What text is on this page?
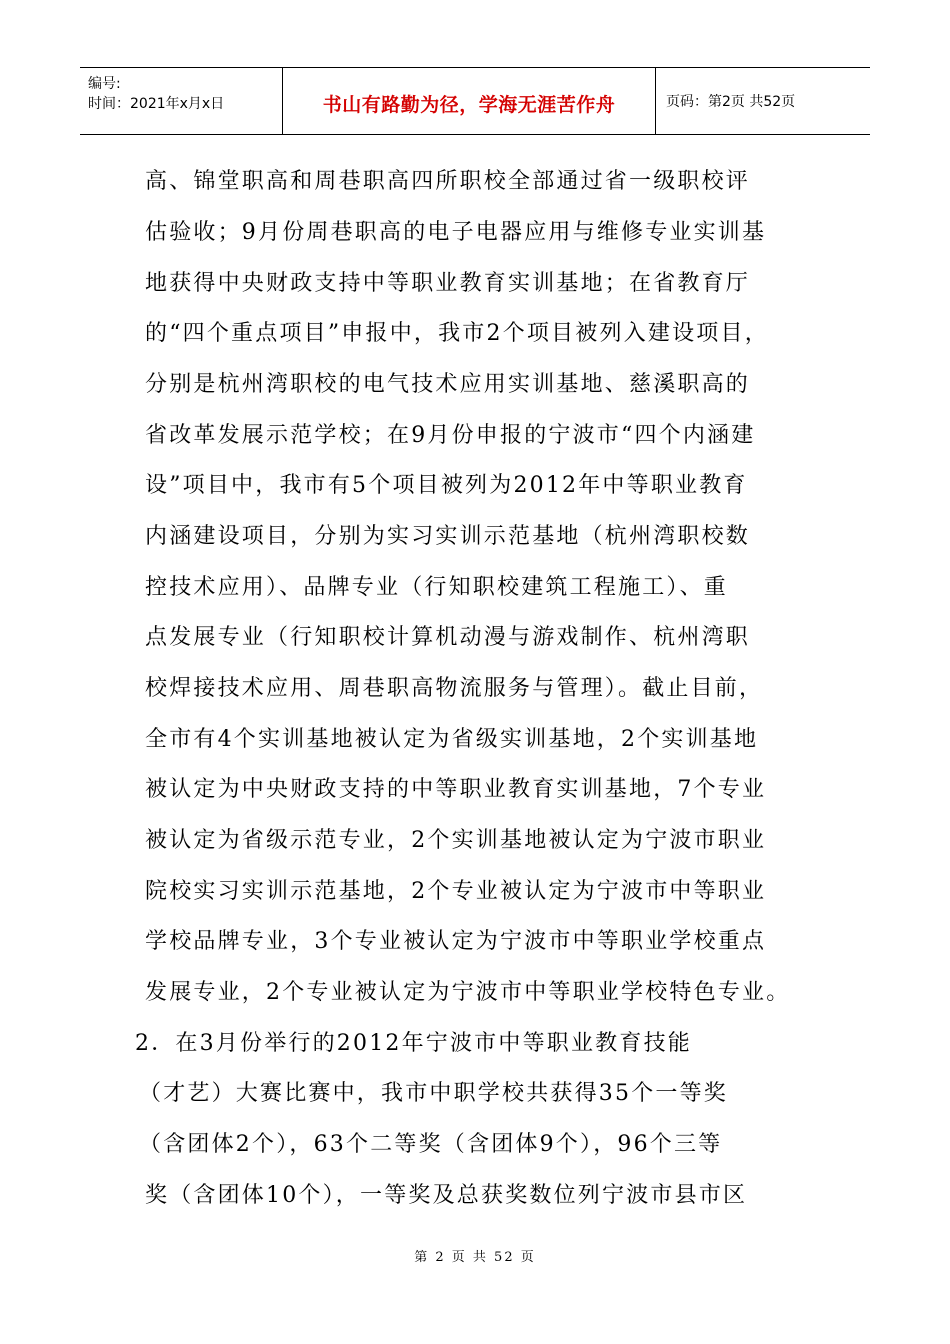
编号:
时间：2021年x月x日	书山有路勤为径，学海无涯苦作舟	页码：第2页 共52页
高、锦堂职高和周巷职高四所职校全部通过省一级职校评
估验收；9月份周巷职高的电子电器应用与维修专业实训基
地获得中央财政支持中等职业教育实训基地；在省教育厅
的“四个重点项目”申报中，我市2个项目被列入建设项目，
分别是杭州湾职校的电气技术应用实训基地、慈溪职高的
省改革发展示范学校；在9月份申报的宁波市“四个内涵建
设”项目中，我市有5个项目被列为2012年中等职业教育
内涵建设项目，分别为实习实训示范基地（杭州湾职校数
控技术应用）、品牌专业（行知职校建筑工程施工）、重
点发展专业（行知职校计算机动漫与游戏制作、杭州湾职
校焊接技术应用、周巷职高物流服务与管理）。截止目前，
全市有4个实训基地被认定为省级实训基地，2个实训基地
被认定为中央财政支持的中等职业教育实训基地，7个专业
被认定为省级示范专业，2个实训基地被认定为宁波市职业
院校实习实训示范基地，2个专业被认定为宁波市中等职业
学校品牌专业，3个专业被认定为宁波市中等职业学校重点
发展专业，2个专业被认定为宁波市中等职业学校特色专业。
2．在3月份举行的2012年宁波市中等职业教育技能
（才艺）大赛比赛中，我市中职学校共获得35个一等奖
（含团体2个），63个二等奖（含团体9个），96个三等
奖（含团体10个），一等奖及总获奖数位列宁波市县市区
第 2 页 共 52 页
